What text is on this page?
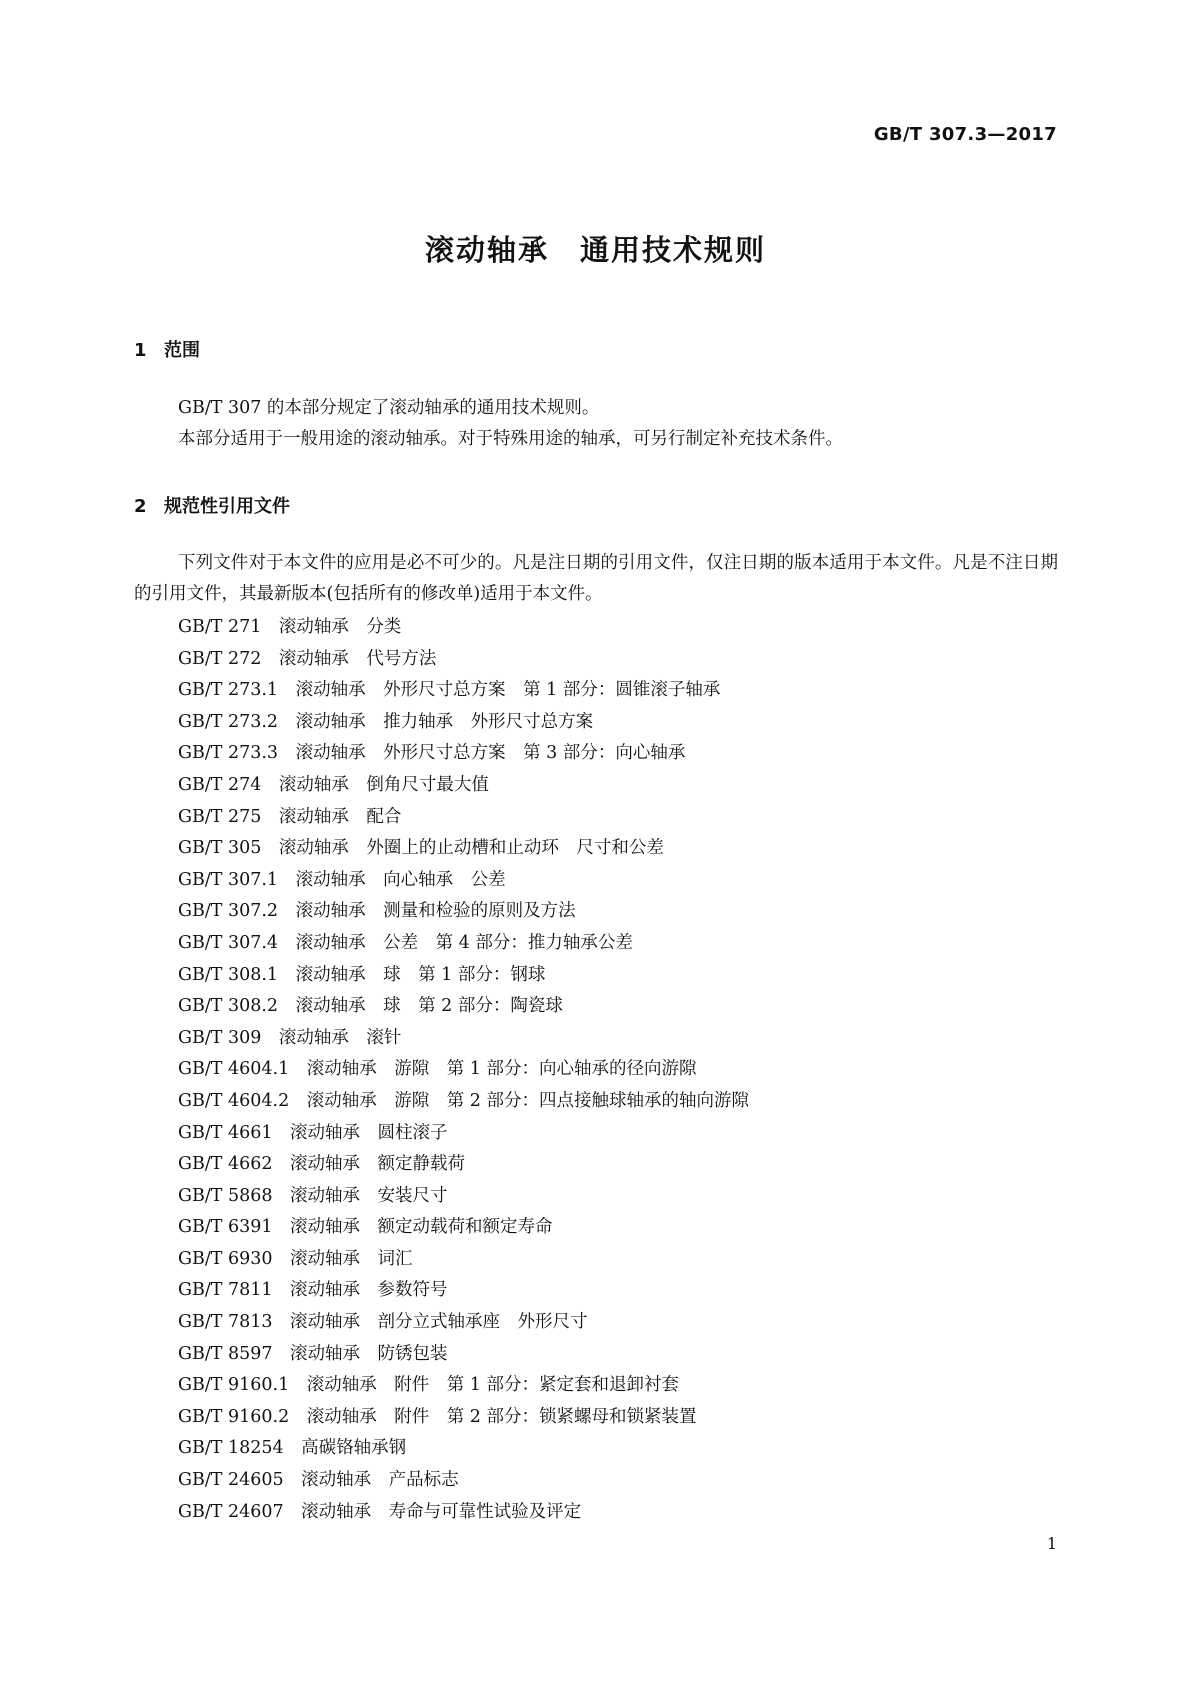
GB/T 307.3—2017
滚动轴承　通用技术规则
1 范围

GB/T 307 的本部分规定了滚动轴承的通用技术规则。

本部分适用于一般用途的滚动轴承。对于特殊用途的轴承，可另行制定补充技术条件。

2 规范性引用文件

下列文件对于本文件的应用是必不可少的。凡是注日期的引用文件，仅注日期的版本适用于本文件。凡是不注日期的引用文件，其最新版本(包括所有的修改单)适用于本文件。

GB/T 271　滚动轴承　分类
GB/T 272　滚动轴承　代号方法
GB/T 273.1　滚动轴承　外形尺寸总方案　第 1 部分：圆锥滚子轴承
GB/T 273.2　滚动轴承　推力轴承　外形尺寸总方案
GB/T 273.3　滚动轴承　外形尺寸总方案　第 3 部分：向心轴承
GB/T 274　滚动轴承　倒角尺寸最大值
GB/T 275　滚动轴承　配合
GB/T 305　滚动轴承　外圈上的止动槽和止动环　尺寸和公差
GB/T 307.1　滚动轴承　向心轴承　公差
GB/T 307.2　滚动轴承　测量和检验的原则及方法
GB/T 307.4　滚动轴承　公差　第 4 部分：推力轴承公差
GB/T 308.1　滚动轴承　球　第 1 部分：钢球
GB/T 308.2　滚动轴承　球　第 2 部分：陶瓷球
GB/T 309　滚动轴承　滚针
GB/T 4604.1　滚动轴承　游隙　第 1 部分：向心轴承的径向游隙
GB/T 4604.2　滚动轴承　游隙　第 2 部分：四点接触球轴承的轴向游隙
GB/T 4661　滚动轴承　圆柱滚子
GB/T 4662　滚动轴承　额定静载荷
GB/T 5868　滚动轴承　安装尺寸
GB/T 6391　滚动轴承　额定动载荷和额定寿命
GB/T 6930　滚动轴承　词汇
GB/T 7811　滚动轴承　参数符号
GB/T 7813　滚动轴承　剖分立式轴承座　外形尺寸
GB/T 8597　滚动轴承　防锈包装
GB/T 9160.1　滚动轴承　附件　第 1 部分：紧定套和退卸衬套
GB/T 9160.2　滚动轴承　附件　第 2 部分：锁紧螺母和锁紧装置
GB/T 18254　高碳铬轴承钢
GB/T 24605　滚动轴承　产品标志
GB/T 24607　滚动轴承　寿命与可靠性试验及评定
1
